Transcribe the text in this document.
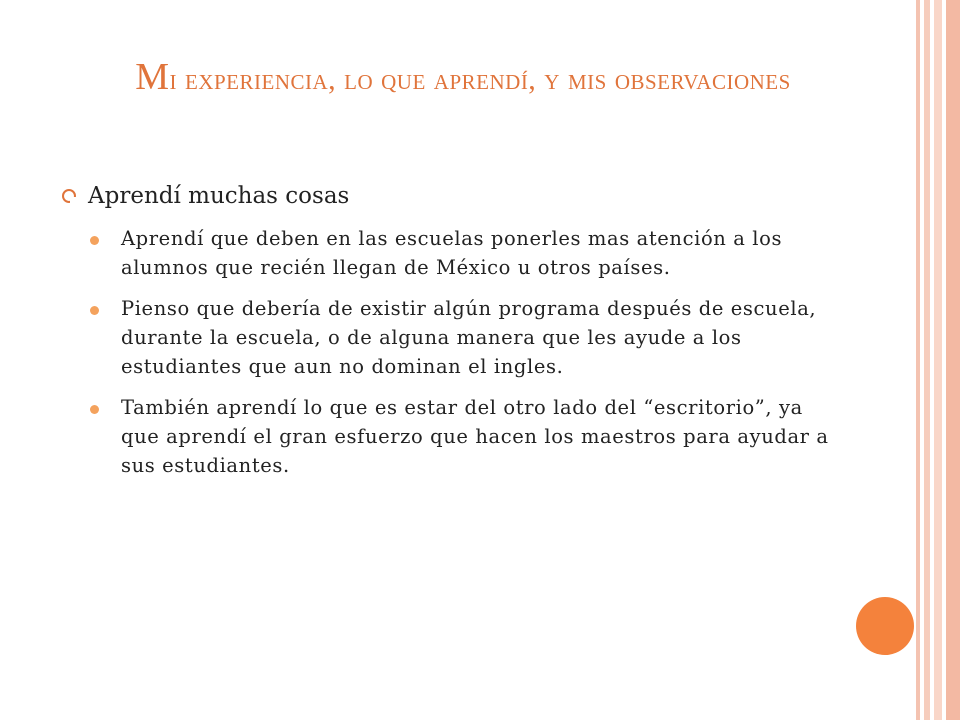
Mi experiencia, lo que aprendí, y mis observaciones
Aprendí muchas cosas
Aprendí que deben en las escuelas ponerles mas atención a los alumnos que recién llegan de México u otros países.
Pienso que debería de existir algún programa después de escuela, durante la escuela, o de alguna manera que les ayude a los estudiantes que aun no dominan el ingles.
También aprendí lo que es estar del otro lado del “escritorio”, ya que aprendí el gran esfuerzo que hacen los maestros para ayudar a sus estudiantes.
